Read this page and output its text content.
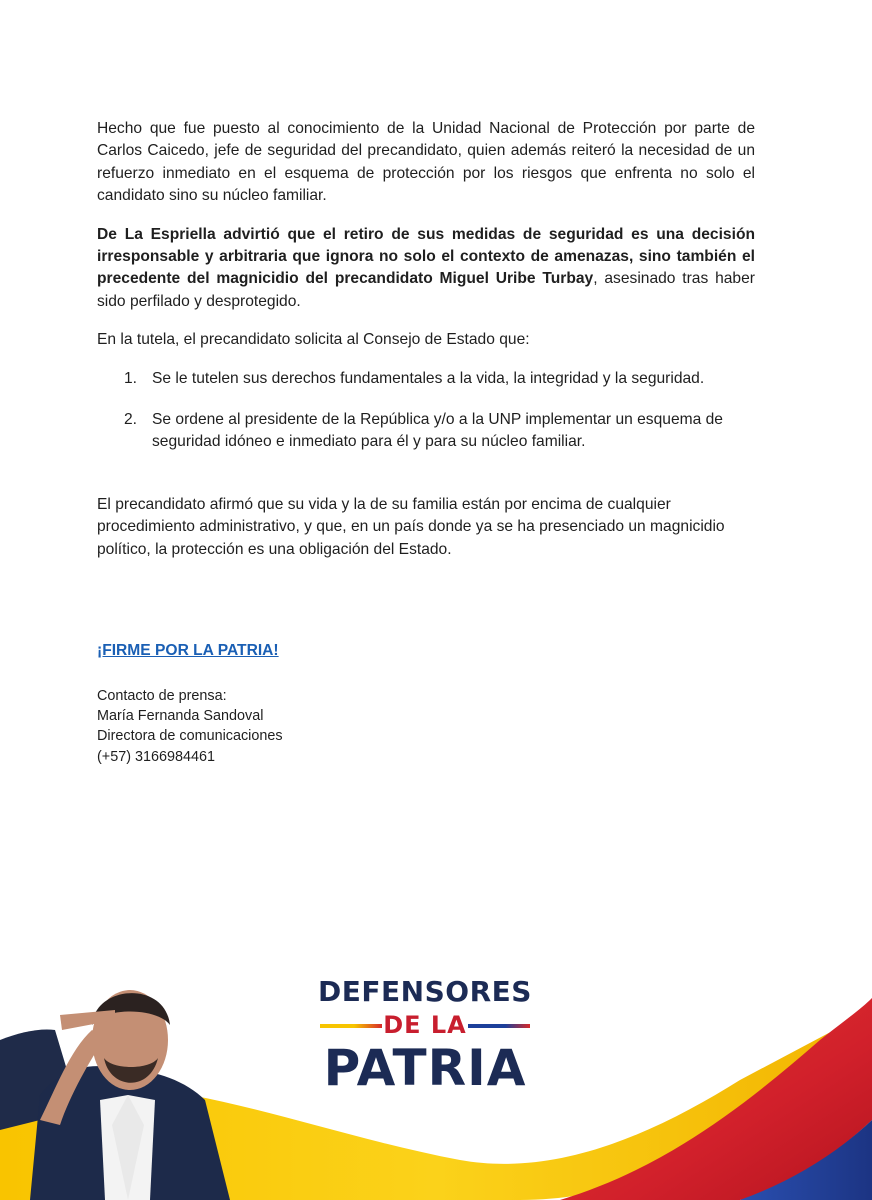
Hecho que fue puesto al conocimiento de la Unidad Nacional de Protección por parte de Carlos Caicedo, jefe de seguridad del precandidato, quien además reiteró la necesidad de un refuerzo inmediato en el esquema de protección por los riesgos que enfrenta no solo el candidato sino su núcleo familiar.

De La Espriella advirtió que el retiro de sus medidas de seguridad es una decisión irresponsable y arbitraria que ignora no solo el contexto de amenazas, sino también el precedente del magnicidio del precandidato Miguel Uribe Turbay, asesinado tras haber sido perfilado y desprotegido.

En la tutela, el precandidato solicita al Consejo de Estado que:

1. Se le tutelen sus derechos fundamentales a la vida, la integridad y la seguridad.
2. Se ordene al presidente de la República y/o a la UNP implementar un esquema de seguridad idóneo e inmediato para él y para su núcleo familiar.

El precandidato afirmó que su vida y la de su familia están por encima de cualquier procedimiento administrativo, y que, en un país donde ya se ha presenciado un magnicidio político, la protección es una obligación del Estado.

¡FIRME POR LA PATRIA!

Contacto de prensa:
María Fernanda Sandoval
Directora de comunicaciones
(+57) 3166984461
DEFENSORES
DE LA
PATRIA
